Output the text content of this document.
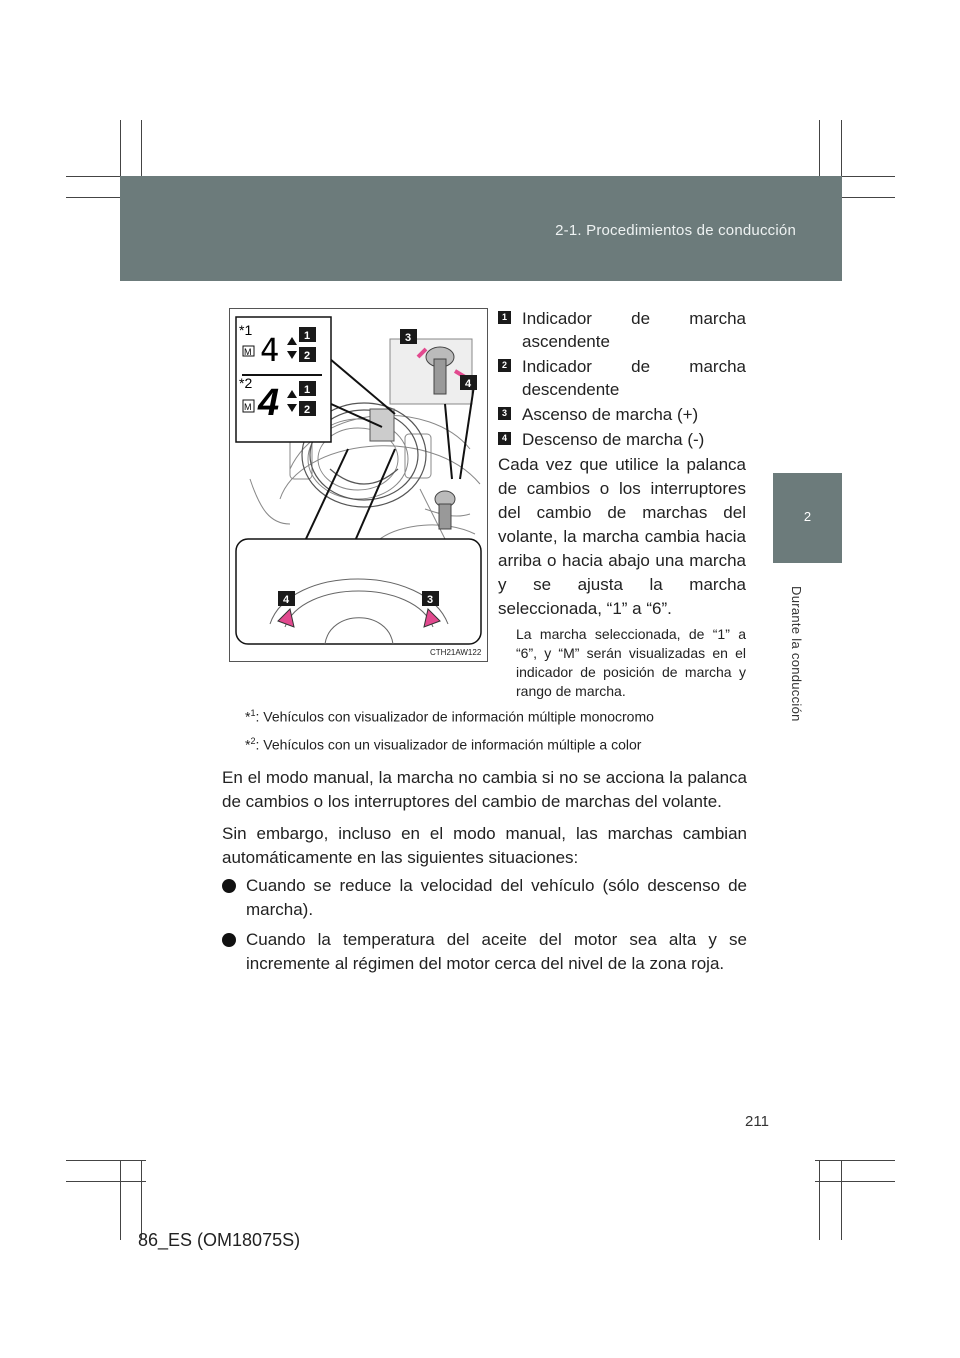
2-1. Procedimientos de conducción
2
Durante la conducción
*1
*2
M
M
4
4
1
2
1
2
3
4
4	3
CTH21AW122
1 Indicador de marcha ascendente
2 Indicador de marcha descendente
3 Ascenso de marcha (+)
4 Descenso de marcha (-)
Cada vez que utilice la palanca de cambios o los interruptores del cambio de marchas del volante, la marcha cambia hacia arriba o hacia abajo una marcha y se ajusta la marcha seleccionada, “1” a “6”.
La marcha seleccionada, de “1” a “6”, y “M” serán visualizadas en el indicador de posición de marcha y rango de marcha.
*$^1$: Vehículos con visualizador de información múltiple monocromo
*$^2$: Vehículos con un visualizador de información múltiple a color
En el modo manual, la marcha no cambia si no se acciona la palanca de cambios o los interruptores del cambio de marchas del volante.
Sin embargo, incluso en el modo manual, las marchas cambian automáticamente en las siguientes situaciones:
Cuando se reduce la velocidad del vehículo (sólo descenso de marcha).
Cuando la temperatura del aceite del motor sea alta y se incremente al régimen del motor cerca del nivel de la zona roja.
211
86_ES (OM18075S)
